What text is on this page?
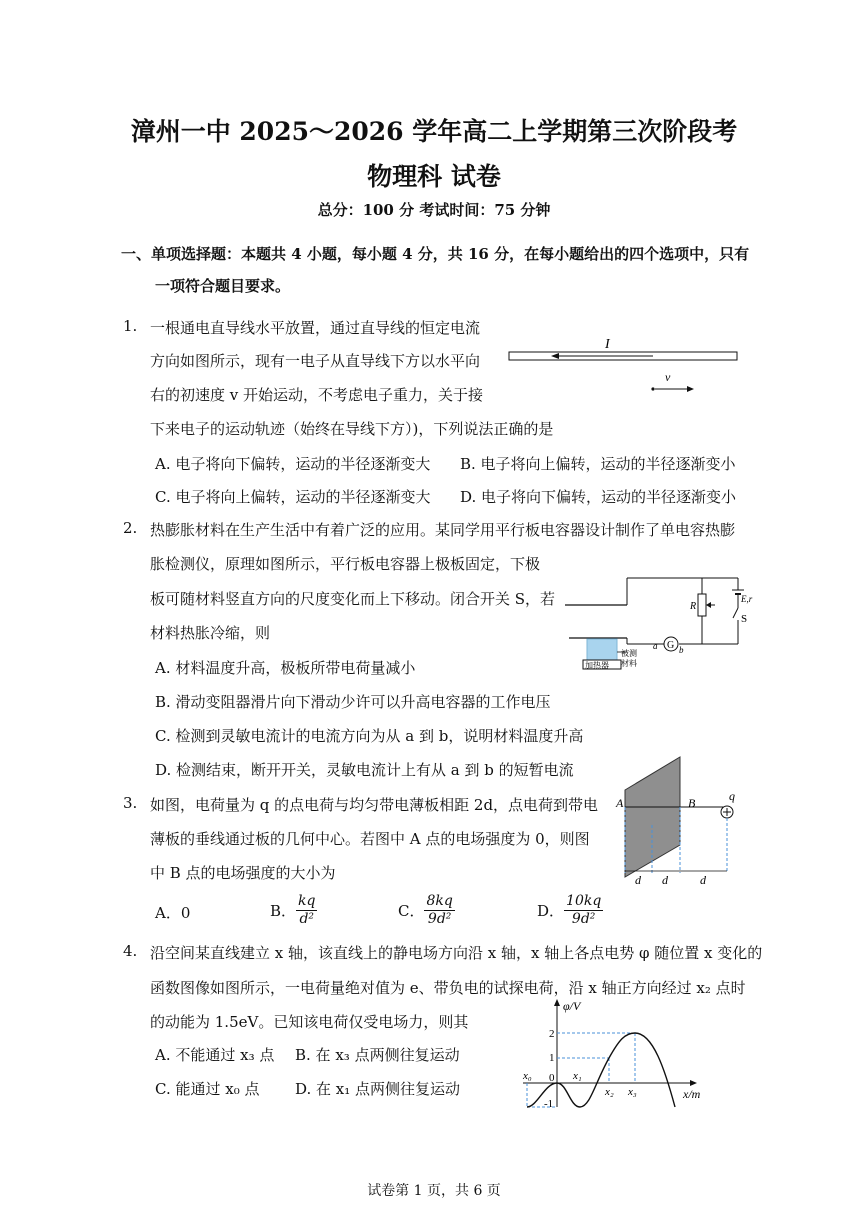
漳州一中 2025～2026 学年高二上学期第三次阶段考
物理科 试卷
总分：100 分 考试时间：75 分钟
一、单项选择题：本题共 4 小题，每小题 4 分，共 16 分，在每小题给出的四个选项中，只有
一项符合题目要求。
1. 一根通电直导线水平放置，通过直导线的恒定电流
方向如图所示，现有一电子从直导线下方以水平向
右的初速度 v 开始运动，不考虑电子重力，关于接
下来电子的运动轨迹（始终在导线下方）)，下列说法正确的是
A. 电子将向下偏转，运动的半径逐渐变大 B. 电子将向上偏转，运动的半径逐渐变小
C. 电子将向上偏转，运动的半径逐渐变大 D. 电子将向下偏转，运动的半径逐渐变小
I
v
2. 热膨胀材料在生产生活中有着广泛的应用。某同学用平行板电容器设计制作了单电容热膨
胀检测仪，原理如图所示，平行板电容器上极板固定，下极
板可随材料竖直方向的尺度变化而上下移动。闭合开关 S，若
材料热胀冷缩，则
A. 材料温度升高，极板所带电荷量减小
B. 滑动变阻器滑片向下滑动少许可以升高电容器的工作电压
C. 检测到灵敏电流计的电流方向为从 a 到 b，说明材料温度升高
D. 检测结束，断开开关，灵敏电流计上有从 a 到 b 的短暂电流
R
E,r
S
G
a b
加热器
被测
材料
3. 如图，电荷量为 q 的点电荷与均匀带电薄板相距 2d，点电荷到带电
薄板的垂线通过板的几何中心。若图中 A 点的电场强度为 0，则图
中 B 点的电场强度的大小为
A．0	B． $\frac{kq}{\text{d²}}$	C． $\frac{8kq}{\text{9d²}}$	D． $\frac{10kq}{\text{9d²}}$
A	B	q
d d	d
4. 沿空间某直线建立 x 轴，该直线上的静电场方向沿 x 轴，x 轴上各点电势 φ 随位置 x 变化的
函数图像如图所示，一电荷量绝对值为 e、带负电的试探电荷，沿 x 轴正方向经过 x₂ 点时
的动能为 1.5eV。已知该电荷仅受电场力，则其
A. 不能通过 x₃ 点 B. 在 x₃ 点两侧往复运动
C. 能通过 x₀ 点 D. 在 x₁ 点两侧往复运动
φ/V
x/m
2
1
0
-1
x₀	x₁
x₂ x₃
试卷第 1 页，共 6 页
